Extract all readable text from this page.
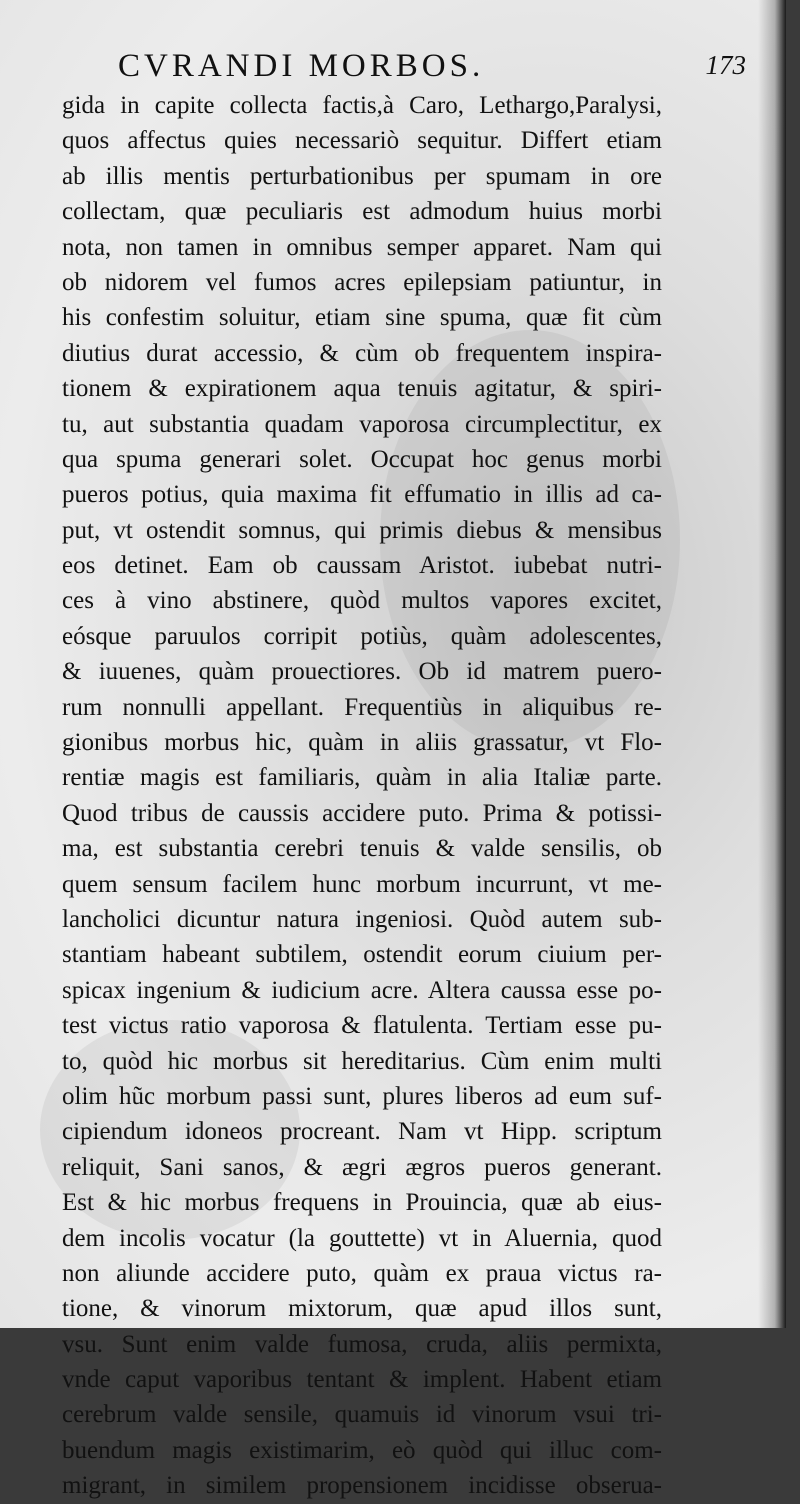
CVRANDI MORBOS.	173
gida in capite collecta factis,à Caro, Lethargo,Paralysi,
quos affectus quies necessariò sequitur. Differt etiam
ab illis mentis perturbationibus per spumam in ore
collectam, quæ peculiaris est admodum huius morbi
nota, non tamen in omnibus semper apparet. Nam qui
ob nidorem vel fumos acres epilepsiam patiuntur, in
his confestim soluitur, etiam sine spuma, quæ fit cùm
diutius durat accessio, & cùm ob frequentem inspira-
tionem & expirationem aqua tenuis agitatur, & spiri-
tu, aut substantia quadam vaporosa circumplectitur, ex
qua spuma generari solet. Occupat hoc genus morbi
pueros potius, quia maxima fit effumatio in illis ad ca-
put, vt ostendit somnus, qui primis diebus & mensibus
eos detinet. Eam ob caussam Aristot. iubebat nutri-
ces à vino abstinere, quòd multos vapores excitet,
eósque paruulos corripit potiùs, quàm adolescentes,
& iuuenes, quàm prouectiores. Ob id matrem puero-
rum nonnulli appellant. Frequentiùs in aliquibus re-
gionibus morbus hic, quàm in aliis grassatur, vt Flo-
rentiæ magis est familiaris, quàm in alia Italiæ parte.
Quod tribus de caussis accidere puto. Prima & potissi-
ma, est substantia cerebri tenuis & valde sensilis, ob
quem sensum facilem hunc morbum incurrunt, vt me-
lancholici dicuntur natura ingeniosi. Quòd autem sub-
stantiam habeant subtilem, ostendit eorum ciuium per-
spicax ingenium & iudicium acre. Altera caussa esse po-
test victus ratio vaporosa & flatulenta. Tertiam esse pu-
to, quòd hic morbus sit hereditarius. Cùm enim multi
olim hũc morbum passi sunt, plures liberos ad eum suf-
cipiendum idoneos procreant. Nam vt Hipp. scriptum
reliquit, Sani sanos, & ægri ægros pueros generant.
Est & hic morbus frequens in Prouincia, quæ ab eius-
dem incolis vocatur (la gouttette) vt in Aluernia, quod
non aliunde accidere puto, quàm ex praua victus ra-
tione, & vinorum mixtorum, quæ apud illos sunt,
vsu. Sunt enim valde fumosa, cruda, aliis permixta,
vnde caput vaporibus tentant & implent. Habent etiam
cerebrum valde sensile, quamuis id vinorum vsui tri-
buendum magis existimarim, eò quòd qui illuc com-
migrant, in similem propensionem incidisse obserua-
